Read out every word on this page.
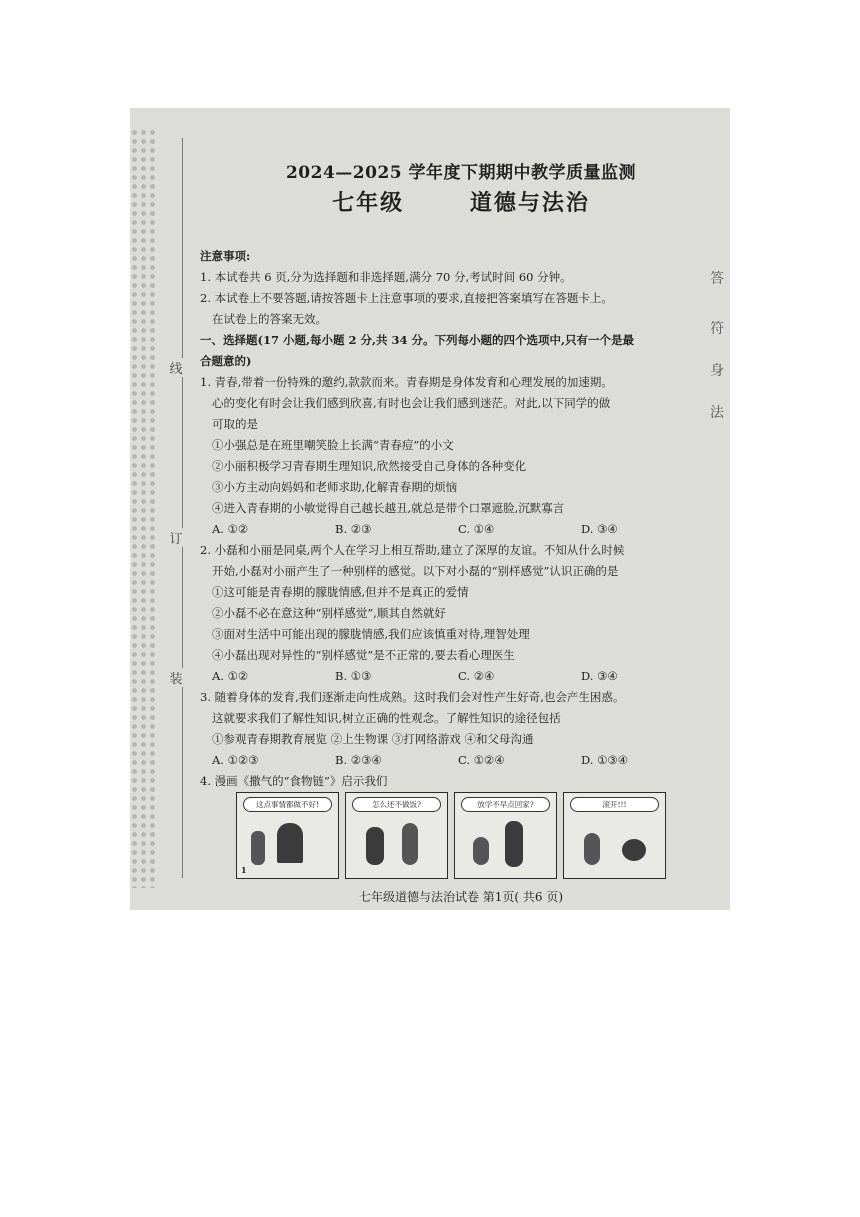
线
订
装
答
符
身
法
2024—2025 学年度下期期中教学质量监测
七年级	道德与法治

注意事项:

1. 本试卷共 6 页,分为选择题和非选择题,满分 70 分,考试时间 60 分钟。

2. 本试卷上不要答题,请按答题卡上注意事项的要求,直接把答案填写在答题卡上。

在试卷上的答案无效。

一、选择题(17 小题,每小题 2 分,共 34 分。下列每小题的四个选项中,只有一个是最

合题意的)

1. 青春,带着一份特殊的邀约,款款而来。青春期是身体发育和心理发展的加速期。

心的变化有时会让我们感到欣喜,有时也会让我们感到迷茫。对此,以下同学的做

可取的是

①小强总是在班里嘲笑脸上长满“青春痘”的小文

②小丽积极学习青春期生理知识,欣然接受自己身体的各种变化

③小方主动向妈妈和老师求助,化解青春期的烦恼

④进入青春期的小敏觉得自己越长越丑,就总是带个口罩遮脸,沉默寡言

A. ①②	B. ②③	C. ①④	D. ③④

2. 小磊和小丽是同桌,两个人在学习上相互帮助,建立了深厚的友谊。不知从什么时候

开始,小磊对小丽产生了一种别样的感觉。以下对小磊的“别样感觉”认识正确的是

①这可能是青春期的朦胧情感,但并不是真正的爱情

②小磊不必在意这种“别样感觉”,顺其自然就好

③面对生活中可能出现的朦胧情感,我们应该慎重对待,理智处理

④小磊出现对异性的“别样感觉”是不正常的,要去看心理医生

A. ①②	B. ①③	C. ②④	D. ③④

3. 随着身体的发育,我们逐渐走向性成熟。这时我们会对性产生好奇,也会产生困惑。

这就要求我们了解性知识,树立正确的性观念。了解性知识的途径包括

①参观青春期教育展览 ②上生物课 ③打网络游戏 ④和父母沟通

A. ①②③	B. ②③④	C. ①②④	D. ①③④

4. 漫画《撒气的“食物链”》启示我们

这点事情都做不好!
1
怎么还不做饭?	放学不早点回家?	滚开!!!
七年级道德与法治试卷 第1页( 共6 页)
